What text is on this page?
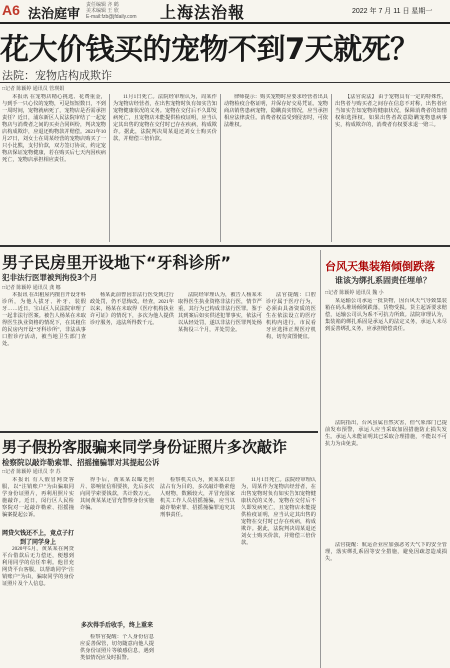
A6 法治庭审
责任编辑 齐 鹤
美术编辑 王 欣
E-mail:fzb@jfdaily.com 上海法治報	2022 年 7 月 11 日 星期一
花大价钱买的宠物不到7天就死？
法院：宠物店构成欺诈
□记者 陈颖婷 通讯员 管瑛娟

本报讯 在宠物店精心挑选、花费重金，与到手一只心仪的宠物，可是短短数日，不到一周时间，宠物就病死了，宠物店是否需承担责任？近日，浦东新区人民法院审结了一起宠物店与消费者之间的买卖合同纠纷，判决宠物店构成欺诈，应退还购物款并赔偿。2021年10月27日，刘女士在周某经营的宠物店购买了一只小比熊，支付价款，双方签订协议，约定宠物店保证宠物健康，若在购买后七天内因疾病死亡，宠物店承担相应责任。

11月1日死亡。法院经审理认为，周某作为宠物店经营者，在出售宠物时负有如实告知宠物健康状况的义务。宠物在交付后不久即发病死亡，且宠物店未能提供检疫证明，应当认定其出售的宠物在交付时已存在疾病，构成欺诈。据此，法院判决周某退还刘女士购买价款，并赔偿三倍价款。

律师提示：购买宠物时应要求经营者出具动物检疫合格证明，并保存好交易凭证。宠物商店销售患病宠物，隐瞒真实情况，应当承担相应法律责任。消费者权益受到侵害时，可依法维权。

【法官说法】 由于宠物具有一定的特殊性，出售者与购买者之间存在信息不对称，出售者应当如实告知宠物的健康状况，保障消费者的知情权和选择权。如果出售者故意隐瞒宠物患病事实，构成欺诈的，消费者有权要求退一赔三。

男子民房里开设地下“牙科诊所”
犯非法行医罪被判拘役3个月
□记者 陈颖婷 通讯员 龚 娜

本报讯 在出租屋内擅自开设牙科诊所，为他人拔牙、补牙、装假牙……近日，宝山区人民法院审理了一起非法行医案。被告人杨某在未取得医生执业资格的情况下，在其租住的民房内开设“牙科诊所”，非法从事口腔诊疗活动，被当地卫生部门查处。

杨某此前曾因非法行医受到过行政处罚，仍不思悔改。经查，2021年以来，杨某在未取得《医疗机构执业许可证》的情况下，多次为他人提供诊疗服务，违法所得数千元。

法院经审理认为，被告人杨某未取得医生执业资格非法行医，情节严重，其行为已构成非法行医罪。鉴于其到案后如实供述犯罪事实，依法可以从轻处罚，遂以非法行医罪判处杨某拘役三个月，并处罚金。

法官提醒：口腔诊疗属于医疗行为，必须由具备资质的医生在依法设立的医疗机构内进行，市民看牙应选择正规医疗机构，切勿贪图便宜。

台风天集装箱倾倒跌落
谁该为绑扎系固责任埋单？
□记者 陈颖婷 通讯员 魏 小

某运输公司承运一批货物，因台风天气导致集装箱在码头堆场倾倒跌落，货物受损。货主起诉要求赔偿，运输公司认为系不可抗力所致。法院审理认为，集装箱的绑扎系固是承运人的法定义务，承运人未尽到妥善绑扎义务，应承担赔偿责任。

法院指出，台风虽属自然灾害，但气象部门已提前发布预警，承运人应当采取加固措施防止损失发生。承运人未能证明其已采取合理措施，不能以不可抗力为由免责。

法官提醒：航运企业应加强恶劣天气下的安全管理，落实绑扎系固等安全措施，避免因疏忽造成损失。

男子假扮客服骗来同学身份证照片多次敲诈
检察院以敲诈勒索罪、招摇撞骗罪对其提起公诉
□记者 陈颖婷 通讯员 李 苏

本报讯 有人假冒网贷客服，以“注销账户”为由骗取同学身份证照片，再利用照片实施敲诈。近日，闵行区人民检察院对一起敲诈勒索、招摇撞骗案提起公诉。

网贷欠钱还不上，竟点子打到了同学身上

2020年5月，黄某某在网贷平台借款后无力偿还，便想到利用同学的信任牟利。他冒充网贷平台客服，以帮助同学“注销账户”为由，骗取同学的身份证照片及个人信息。

得手后，黄某某以曝光照片、影响征信相要挟，先后多次向同学索要钱款，共计数万元。其间黄某某还冒充警察身份实施诈骗。

多次得手后收手，终上重来

检察官提醒：个人身份信息应妥善保管，切勿随意向他人提供身份证照片等敏感信息，遇到类似情况应及时报警。

检察机关认为，黄某某以非法占有为目的，多次敲诈勒索他人财物，数额较大，并冒充国家机关工作人员招摇撞骗，应当以敲诈勒索罪、招摇撞骗罪追究其刑事责任。

11月1日死亡。法院经审理认为，周某作为宠物店经营者，在出售宠物时负有如实告知宠物健康状况的义务。宠物在交付后不久即发病死亡，且宠物店未能提供检疫证明，应当认定其出售的宠物在交付时已存在疾病，构成欺诈。据此，法院判决周某退还刘女士购买价款，并赔偿三倍价款。
